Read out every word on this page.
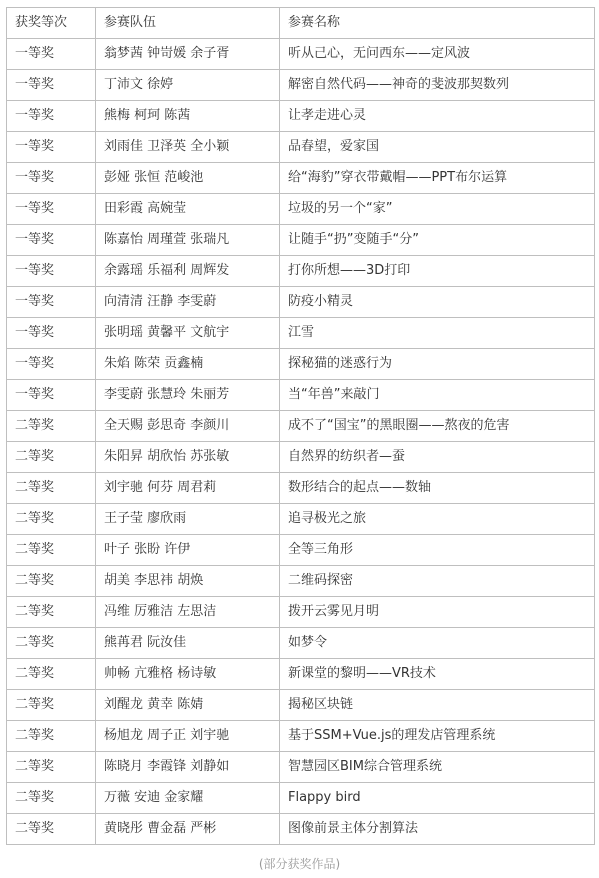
获奖等次	参赛队伍	参赛名称
一等奖	翁梦茜 钟岢媛 余子胥	听从己心，无问西东——定风波
一等奖	丁沛文 徐婷	解密自然代码——神奇的斐波那契数列
一等奖	熊梅 柯珂 陈茜	让孝走进心灵
一等奖	刘雨佳 卫泽英 全小颖	品春望，爱家国
一等奖	彭娅 张恒 范峻池	给“海豹”穿衣带戴帽——PPT布尔运算
一等奖	田彩霞 高婉莹	垃圾的另一个“家”
一等奖	陈嘉怡 周瑾萱 张瑞凡	让随手“扔”变随手“分”
一等奖	余露瑶 乐福利 周辉发	打你所想——3D打印
一等奖	向清清 汪静 李雯蔚	防疫小精灵
一等奖	张明瑶 黄馨平 文航宇	江雪
一等奖	朱焰 陈荣 贡鑫楠	探秘猫的迷惑行为
一等奖	李雯蔚 张慧玲 朱丽芳	当“年兽”来敲门
二等奖	全天赐 彭思奇 李颜川	成不了“国宝”的黑眼圈——熬夜的危害
二等奖	朱阳昇 胡欣怡 苏张敏	自然界的纺织者—蚕
二等奖	刘宇驰 何芬 周君莉	数形结合的起点——数轴
二等奖	王子莹 廖欣雨	追寻极光之旅
二等奖	叶子 张盼 许伊	全等三角形
二等奖	胡美 李思祎 胡焕	二维码探密
二等奖	冯维 厉雅洁 左思洁	拨开云雾见月明
二等奖	熊苒君 阮汝佳	如梦令
二等奖	帅畅 亢雅格 杨诗敏	新课堂的黎明——VR技术
二等奖	刘醒龙 黄幸 陈婧	揭秘区块链
二等奖	杨旭龙 周子正 刘宇驰	基于SSM+Vue.js的理发店管理系统
二等奖	陈晓月 李霞锋 刘静如	智慧园区BIM综合管理系统
二等奖	万薇 安迪 金家耀	Flappy bird
二等奖	黄晓彤 曹金磊 严彬	图像前景主体分割算法
(部分获奖作品)
